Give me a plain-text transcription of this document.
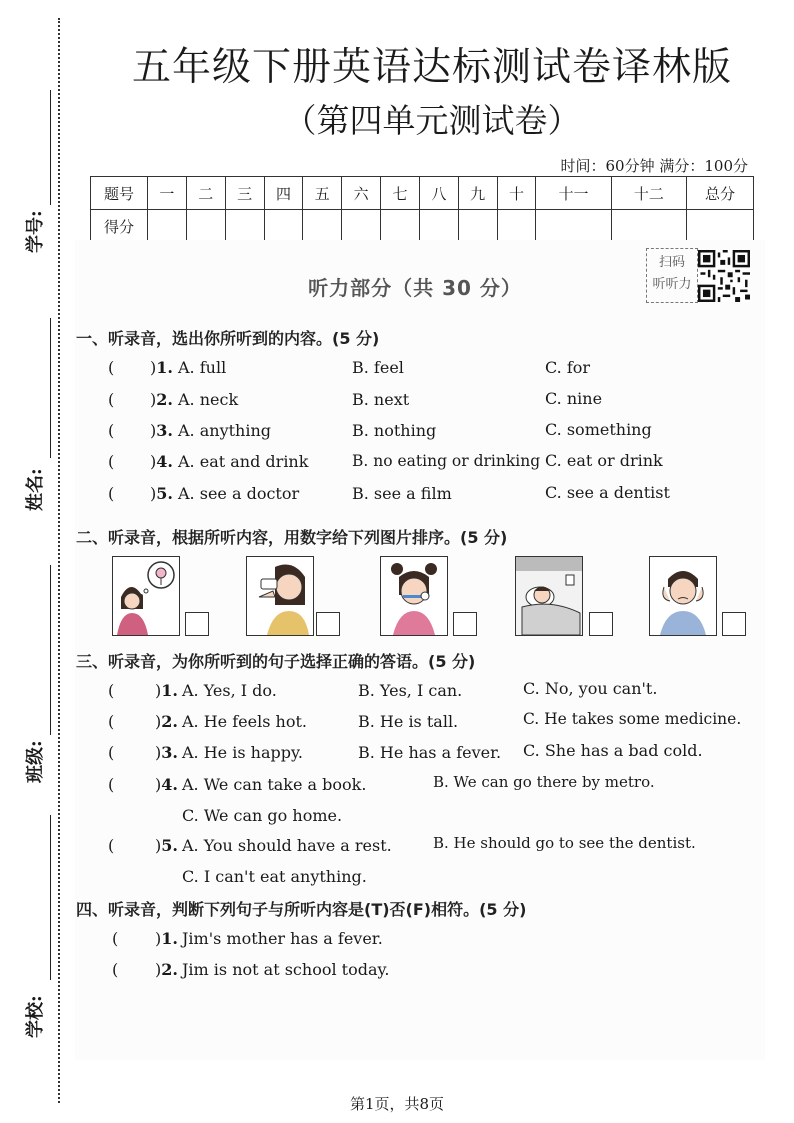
学号:
姓名:
班级:
学校:
五年级下册英语达标测试卷译林版
（第四单元测试卷）
时间：60分钟 满分：100分
题号	一	二	三	四	五	六	七	八	九	十	十一	十二	总分
得分													
听力部分（共 30 分）
扫码
听听力
一、听录音，选出你所听到的内容。(5 分)
( )1. A. full	B. feel	C. for
( )2. A. neck	B. next	C. nine
( )3. A. anything	B. nothing	C. something
( )4. A. eat and drink	B. no eating or drinking C. eat or drink
( )5. A. see a doctor	B. see a film	C. see a dentist
二、听录音，根据所听内容，用数字给下列图片排序。(5 分)
三、听录音，为你所听到的句子选择正确的答语。(5 分)
(	)1. A. Yes, I do.	B. Yes, I can.	C. No, you can't.
(	)2. A. He feels hot.	B. He is tall.	C. He takes some medicine.
(	)3. A. He is happy.	B. He has a fever. C. She has a bad cold.
(	)4. A. We can take a book.	B. We can go there by metro.
C. We can go home.
(	)5. A. You should have a rest.	B. He should go to see the dentist.
C. I can't eat anything.
四、听录音，判断下列句子与所听内容是(T)否(F)相符。(5 分)
( )1. Jim's mother has a fever.
( )2. Jim is not at school today.
第1页，共8页
